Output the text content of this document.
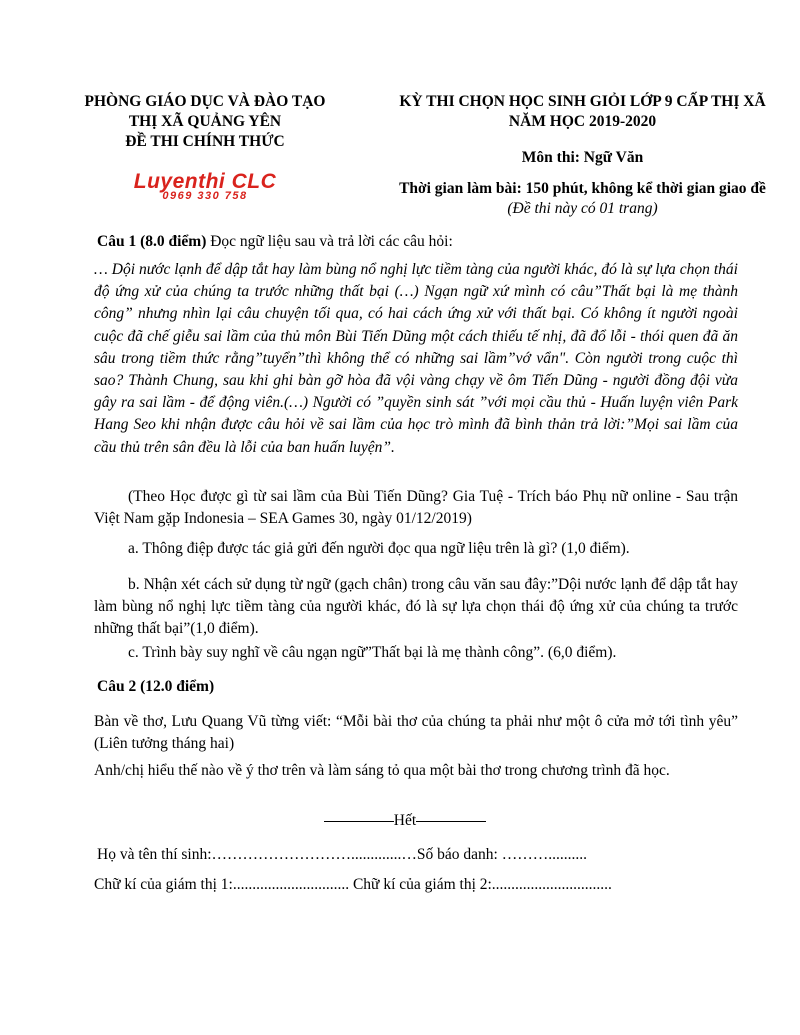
PHÒNG GIÁO DỤC VÀ ĐÀO TẠO
THỊ XÃ QUẢNG YÊN
ĐỀ THI CHÍNH THỨC
Luyenthi CLC
0969 330 758
KỲ THI CHỌN HỌC SINH GIỎI LỚP 9 CẤP THỊ XÃ
NĂM HỌC 2019-2020
Môn thi: Ngữ Văn
Thời gian làm bài: 150 phút, không kể thời gian giao đề
(Đề thi này có 01 trang)
Câu 1 (8.0 điểm) Đọc ngữ liệu sau và trả lời các câu hỏi:
… Dội nước lạnh để dập tắt hay làm bùng nổ nghị lực tiềm tàng của người khác, đó là sự lựa chọn thái độ ứng xử của chúng ta trước những thất bại (…) Ngạn ngữ xứ mình có câu”Thất bại là mẹ thành công” nhưng nhìn lại câu chuyện tối qua, có hai cách ứng xử với thất bại. Có không ít người ngoài cuộc đã chế giễu sai lầm của thủ môn Bùi Tiến Dũng một cách thiếu tế nhị, đã đổ lỗi - thói quen đã ăn sâu trong tiềm thức rằng”tuyển”thì không thể có những sai lầm”vớ vẩn". Còn người trong cuộc thì sao? Thành Chung, sau khi ghi bàn gỡ hòa đã vội vàng chạy về ôm Tiến Dũng - người đồng đội vừa gây ra sai lầm - để động viên.(…) Người có ”quyền sinh sát ”với mọi cầu thủ - Huấn luyện viên Park Hang Seo khi nhận được câu hỏi về sai lầm của học trò mình đã bình thản trả lời:”Mọi sai lầm của cầu thủ trên sân đều là lỗi của ban huấn luyện”.
(Theo Học được gì từ sai lầm của Bùi Tiến Dũng? Gia Tuệ - Trích báo Phụ nữ online - Sau trận Việt Nam gặp Indonesia – SEA Games 30, ngày 01/12/2019)
a. Thông điệp được tác giả gửi đến người đọc qua ngữ liệu trên là gì? (1,0 điểm).
b. Nhận xét cách sử dụng từ ngữ (gạch chân) trong câu văn sau đây:”Dội nước lạnh để dập tắt hay làm bùng nổ nghị lực tiềm tàng của người khác, đó là sự lựa chọn thái độ ứng xử của chúng ta trước những thất bại”(1,0 điểm).
c. Trình bày suy nghĩ về câu ngạn ngữ”Thất bại là mẹ thành công”. (6,0 điểm).
Câu 2 (12.0 điểm)
Bàn về thơ, Lưu Quang Vũ từng viết: “Mỗi bài thơ của chúng ta phải như một ô cửa mở tới tình yêu” (Liên tưởng tháng hai)
Anh/chị hiểu thế nào về ý thơ trên và làm sáng tỏ qua một bài thơ trong chương trình đã học.
Hết
Họ và tên thí sinh:……………………….............…Số báo danh: ………..........
Chữ kí của giám thị 1:.............................. Chữ kí của giám thị 2:...............................
